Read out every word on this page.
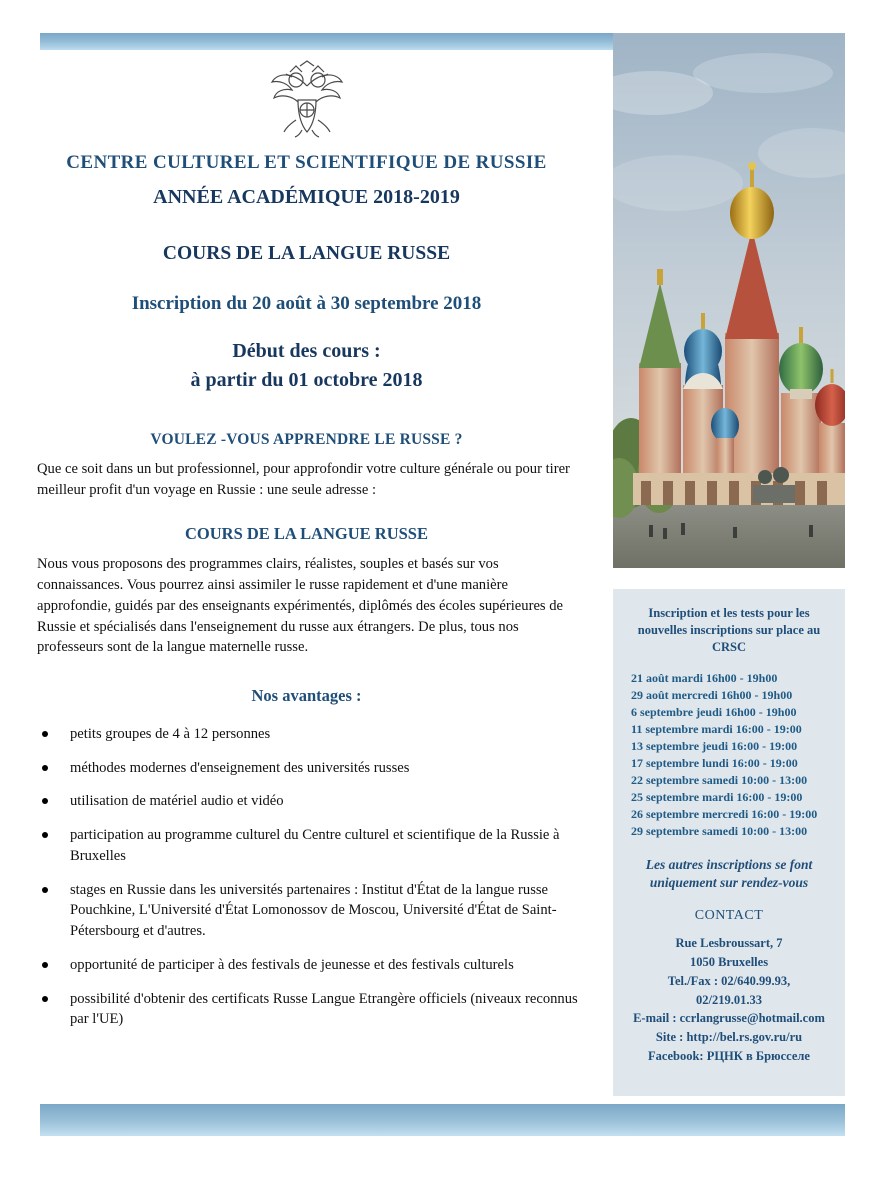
Inscription et les tests pour les nouvelles inscriptions sur place au CRSC
21 août mardi 16h00 - 19h00
29 août mercredi 16h00 - 19h00
6 septembre jeudi 16h00 - 19h00
11 septembre mardi 16:00 - 19:00
13 septembre jeudi 16:00 - 19:00
17 septembre lundi 16:00 - 19:00
22 septembre samedi 10:00 - 13:00
25 septembre mardi 16:00 - 19:00
26 septembre mercredi 16:00 - 19:00
29 septembre samedi 10:00 - 13:00
Les autres inscriptions se font uniquement sur rendez-vous
CONTACT
Rue Lesbroussart, 7
1050 Bruxelles
Tel./Fax : 02/640.99.93,
02/219.01.33
E-mail : ccrlangrusse@hotmail.com
Site : http://bel.rs.gov.ru/ru
Facebook: РЦНК в Брюсселе
CENTRE CULTUREL ET SCIENTIFIQUE DE RUSSIE
ANNÉE ACADÉMIQUE 2018-2019
COURS DE LA LANGUE RUSSE
Inscription du 20 août à 30 septembre 2018
Début des cours :
à partir du 01 octobre 2018
VOULEZ -VOUS APPRENDRE LE RUSSE ?
Que ce soit dans un but professionnel, pour approfondir votre culture générale ou pour tirer meilleur profit d'un voyage en Russie : une seule adresse :
COURS DE LA LANGUE RUSSE
Nous vous proposons des programmes clairs, réalistes, souples et basés sur vos connaissances. Vous pourrez ainsi assimiler le russe rapidement et d'une manière approfondie, guidés par des enseignants expérimentés, diplômés des écoles supérieures de Russie et spécialisés dans l'enseignement du russe aux étrangers. De plus, tous nos professeurs sont de la langue maternelle russe.
Nos avantages :
petits groupes de 4 à 12 personnes
méthodes modernes d'enseignement des universités russes
utilisation de matériel audio et vidéo
participation au programme culturel du Centre culturel et scientifique de la Russie à Bruxelles
stages en Russie dans les universités partenaires : Institut d'État de la langue russe Pouchkine, L'Université d'État Lomonossov de Moscou, Université d'État de Saint-Pétersbourg et d'autres.
opportunité de participer à des festivals de jeunesse et des festivals culturels
possibilité d'obtenir des certificats Russe Langue Etrangère officiels (niveaux reconnus par l'UE)
